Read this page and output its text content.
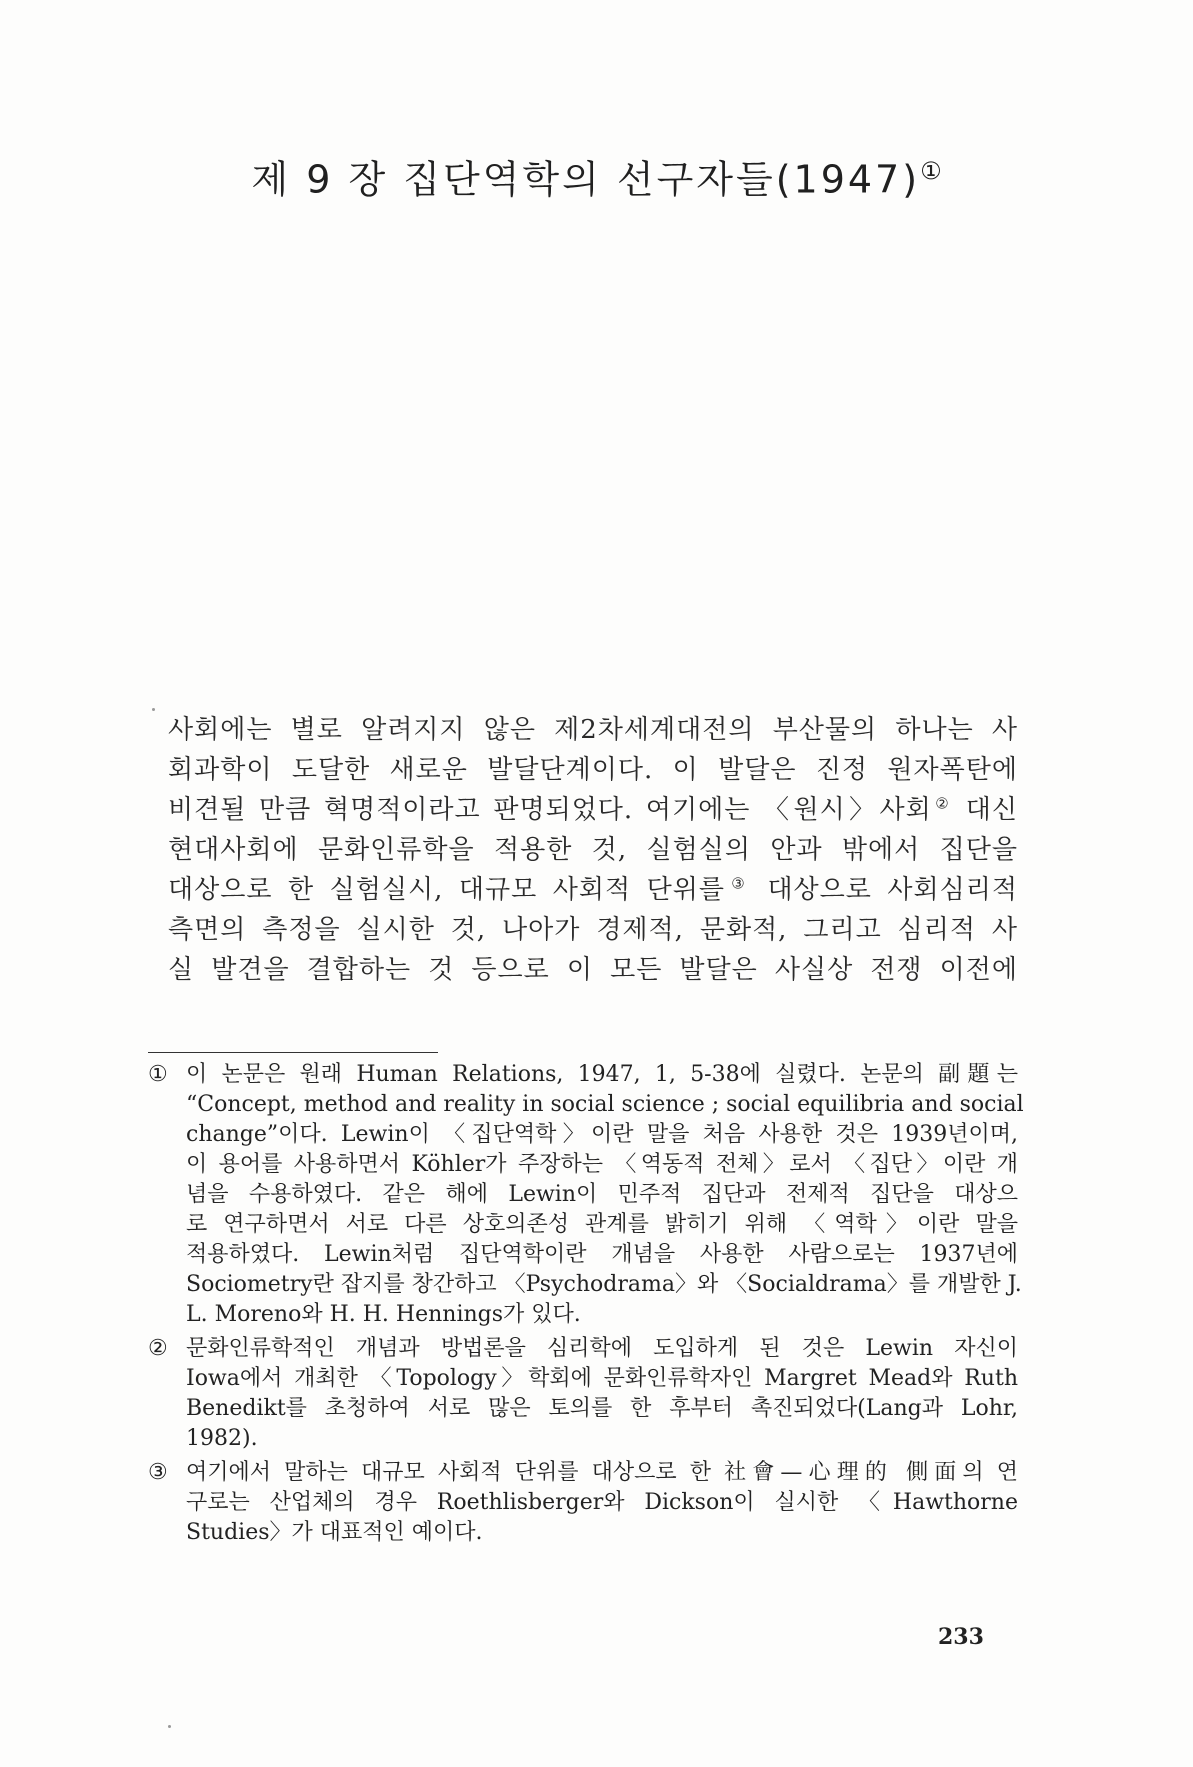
제 9 장 집단역학의 선구자들(1947)①
사회에는 별로 알려지지 않은 제2차세계대전의 부산물의 하나는 사
회과학이 도달한 새로운 발달단계이다. 이 발달은 진정 원자폭탄에
비견될 만큼 혁명적이라고 판명되었다. 여기에는 〈원시〉사회② 대신
현대사회에 문화인류학을 적용한 것, 실험실의 안과 밖에서 집단을
대상으로 한 실험실시, 대규모 사회적 단위를③ 대상으로 사회심리적
측면의 측정을 실시한 것, 나아가 경제적, 문화적, 그리고 심리적 사
실 발견을 결합하는 것 등으로 이 모든 발달은 사실상 전쟁 이전에
① 이 논문은 원래 Human Relations, 1947, 1, 5-38에 실렸다. 논문의 副題는
“Concept, method and reality in social science ; social equilibria and social
change”이다. Lewin이 〈집단역학〉이란 말을 처음 사용한 것은 1939년이며,
이 용어를 사용하면서 Köhler가 주장하는 〈역동적 전체〉로서 〈집단〉이란 개
념을 수용하였다. 같은 해에 Lewin이 민주적 집단과 전제적 집단을 대상으
로 연구하면서 서로 다른 상호의존성 관계를 밝히기 위해 〈역학〉이란 말을
적용하였다. Lewin처럼 집단역학이란 개념을 사용한 사람으로는 1937년에
Sociometry란 잡지를 창간하고 〈Psychodrama〉와 〈Socialdrama〉를 개발한 J.
L. Moreno와 H. H. Hennings가 있다.
② 문화인류학적인 개념과 방법론을 심리학에 도입하게 된 것은 Lewin 자신이
Iowa에서 개최한 〈Topology〉학회에 문화인류학자인 Margret Mead와 Ruth
Benedikt를 초청하여 서로 많은 토의를 한 후부터 촉진되었다(Lang과 Lohr,
1982).
③ 여기에서 말하는 대규모 사회적 단위를 대상으로 한 社會—心理的 側面의 연
구로는 산업체의 경우 Roethlisberger와 Dickson이 실시한 〈Hawthorne
Studies〉가 대표적인 예이다.
233
